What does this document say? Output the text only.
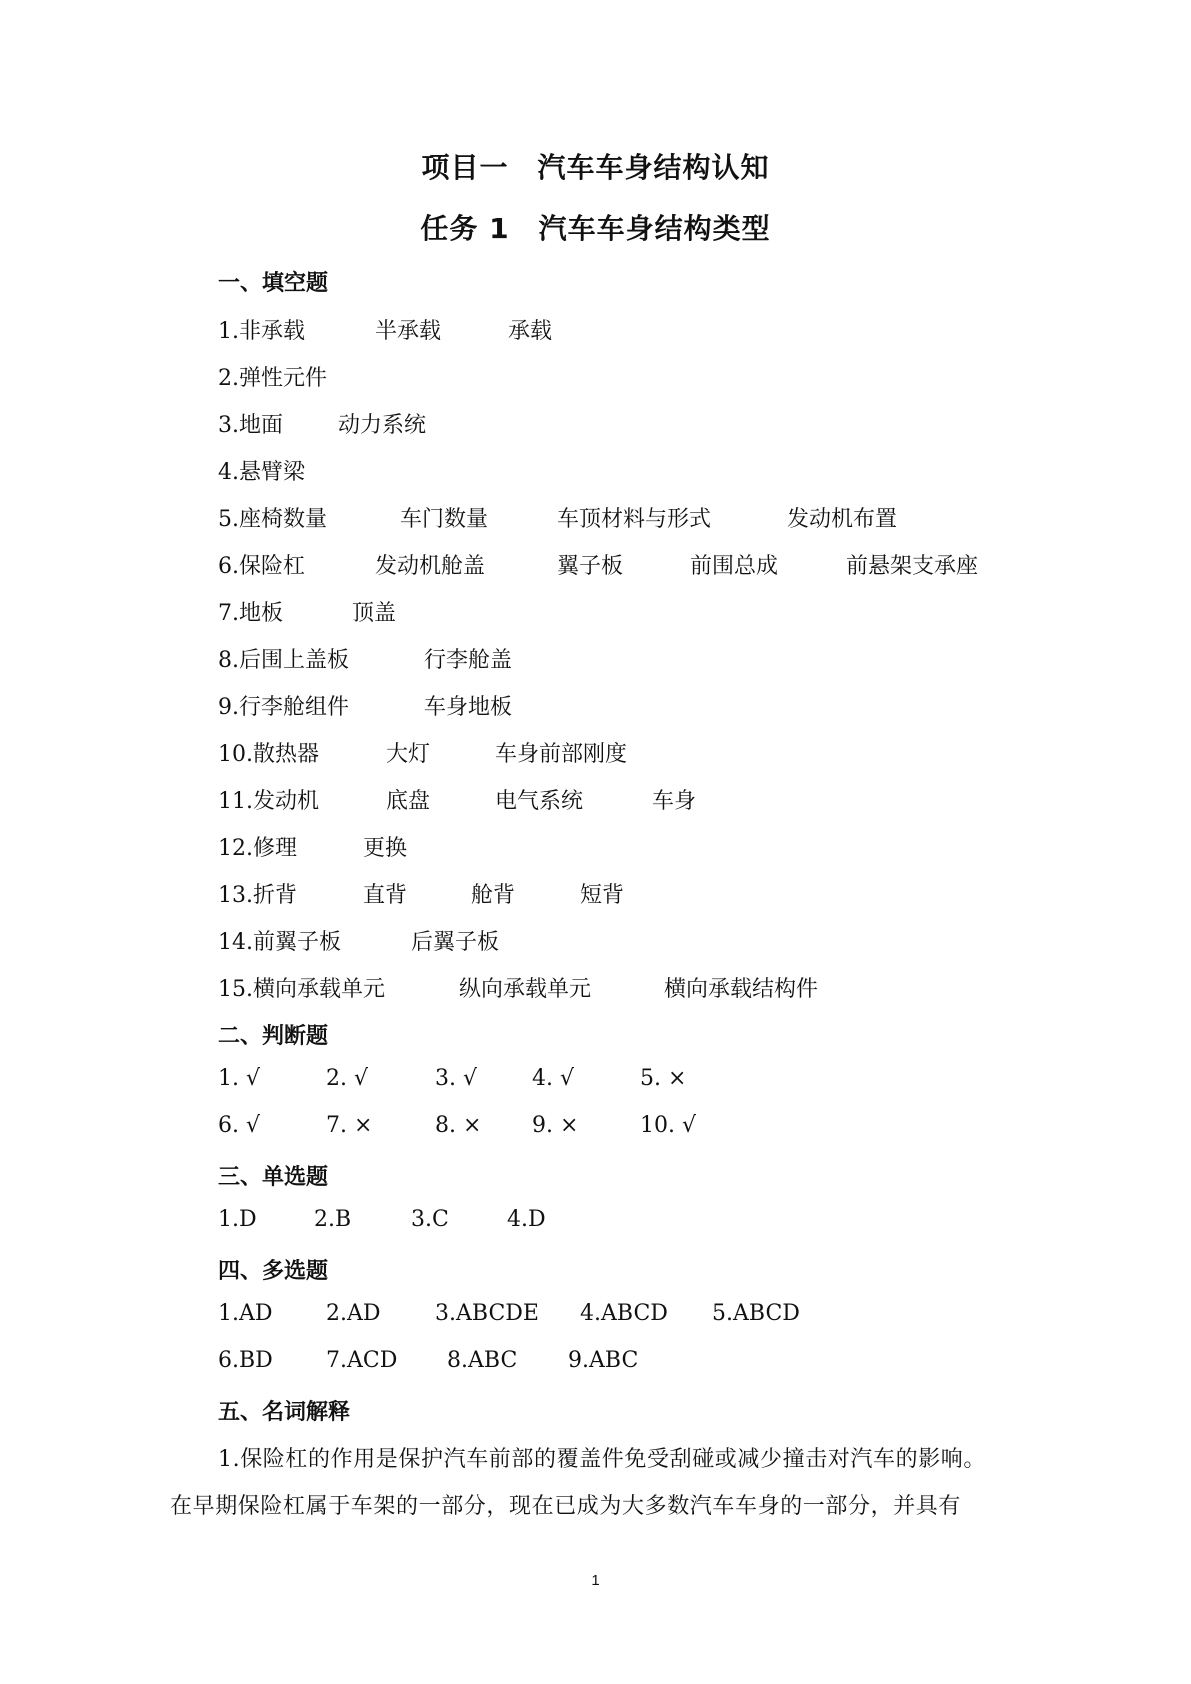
项目一　汽车车身结构认知
任务 1　汽车车身结构类型
一、填空题
1.非承载	半承载	承载
2.弹性元件
3.地面	动力系统
4.悬臂梁
5.座椅数量	车门数量	车顶材料与形式	发动机布置
6.保险杠	发动机舱盖	翼子板	前围总成	前悬架支承座
7.地板	顶盖
8.后围上盖板	行李舱盖
9.行李舱组件	车身地板
10.散热器	大灯	车身前部刚度
11.发动机	底盘	电气系统	车身
12.修理	更换
13.折背	直背	舱背	短背
14.前翼子板	后翼子板
15.横向承载单元	纵向承载单元	横向承载结构件
二、判断题
1. √	2. √	3. √ 4. √	5. ×
6. √	7. ×	8. × 9. ×	10. √
三、单选题
1.D	2.B	3.C	4.D
四、多选题
1.AD 2.AD 3.ABCDE 4.ABCD 5.ABCD
6.BD 7.ACD 8.ABC 9.ABC
五、名词解释
1.保险杠的作用是保护汽车前部的覆盖件免受刮碰或减少撞击对汽车的影响。
在早期保险杠属于车架的一部分，现在已成为大多数汽车车身的一部分，并具有
1
